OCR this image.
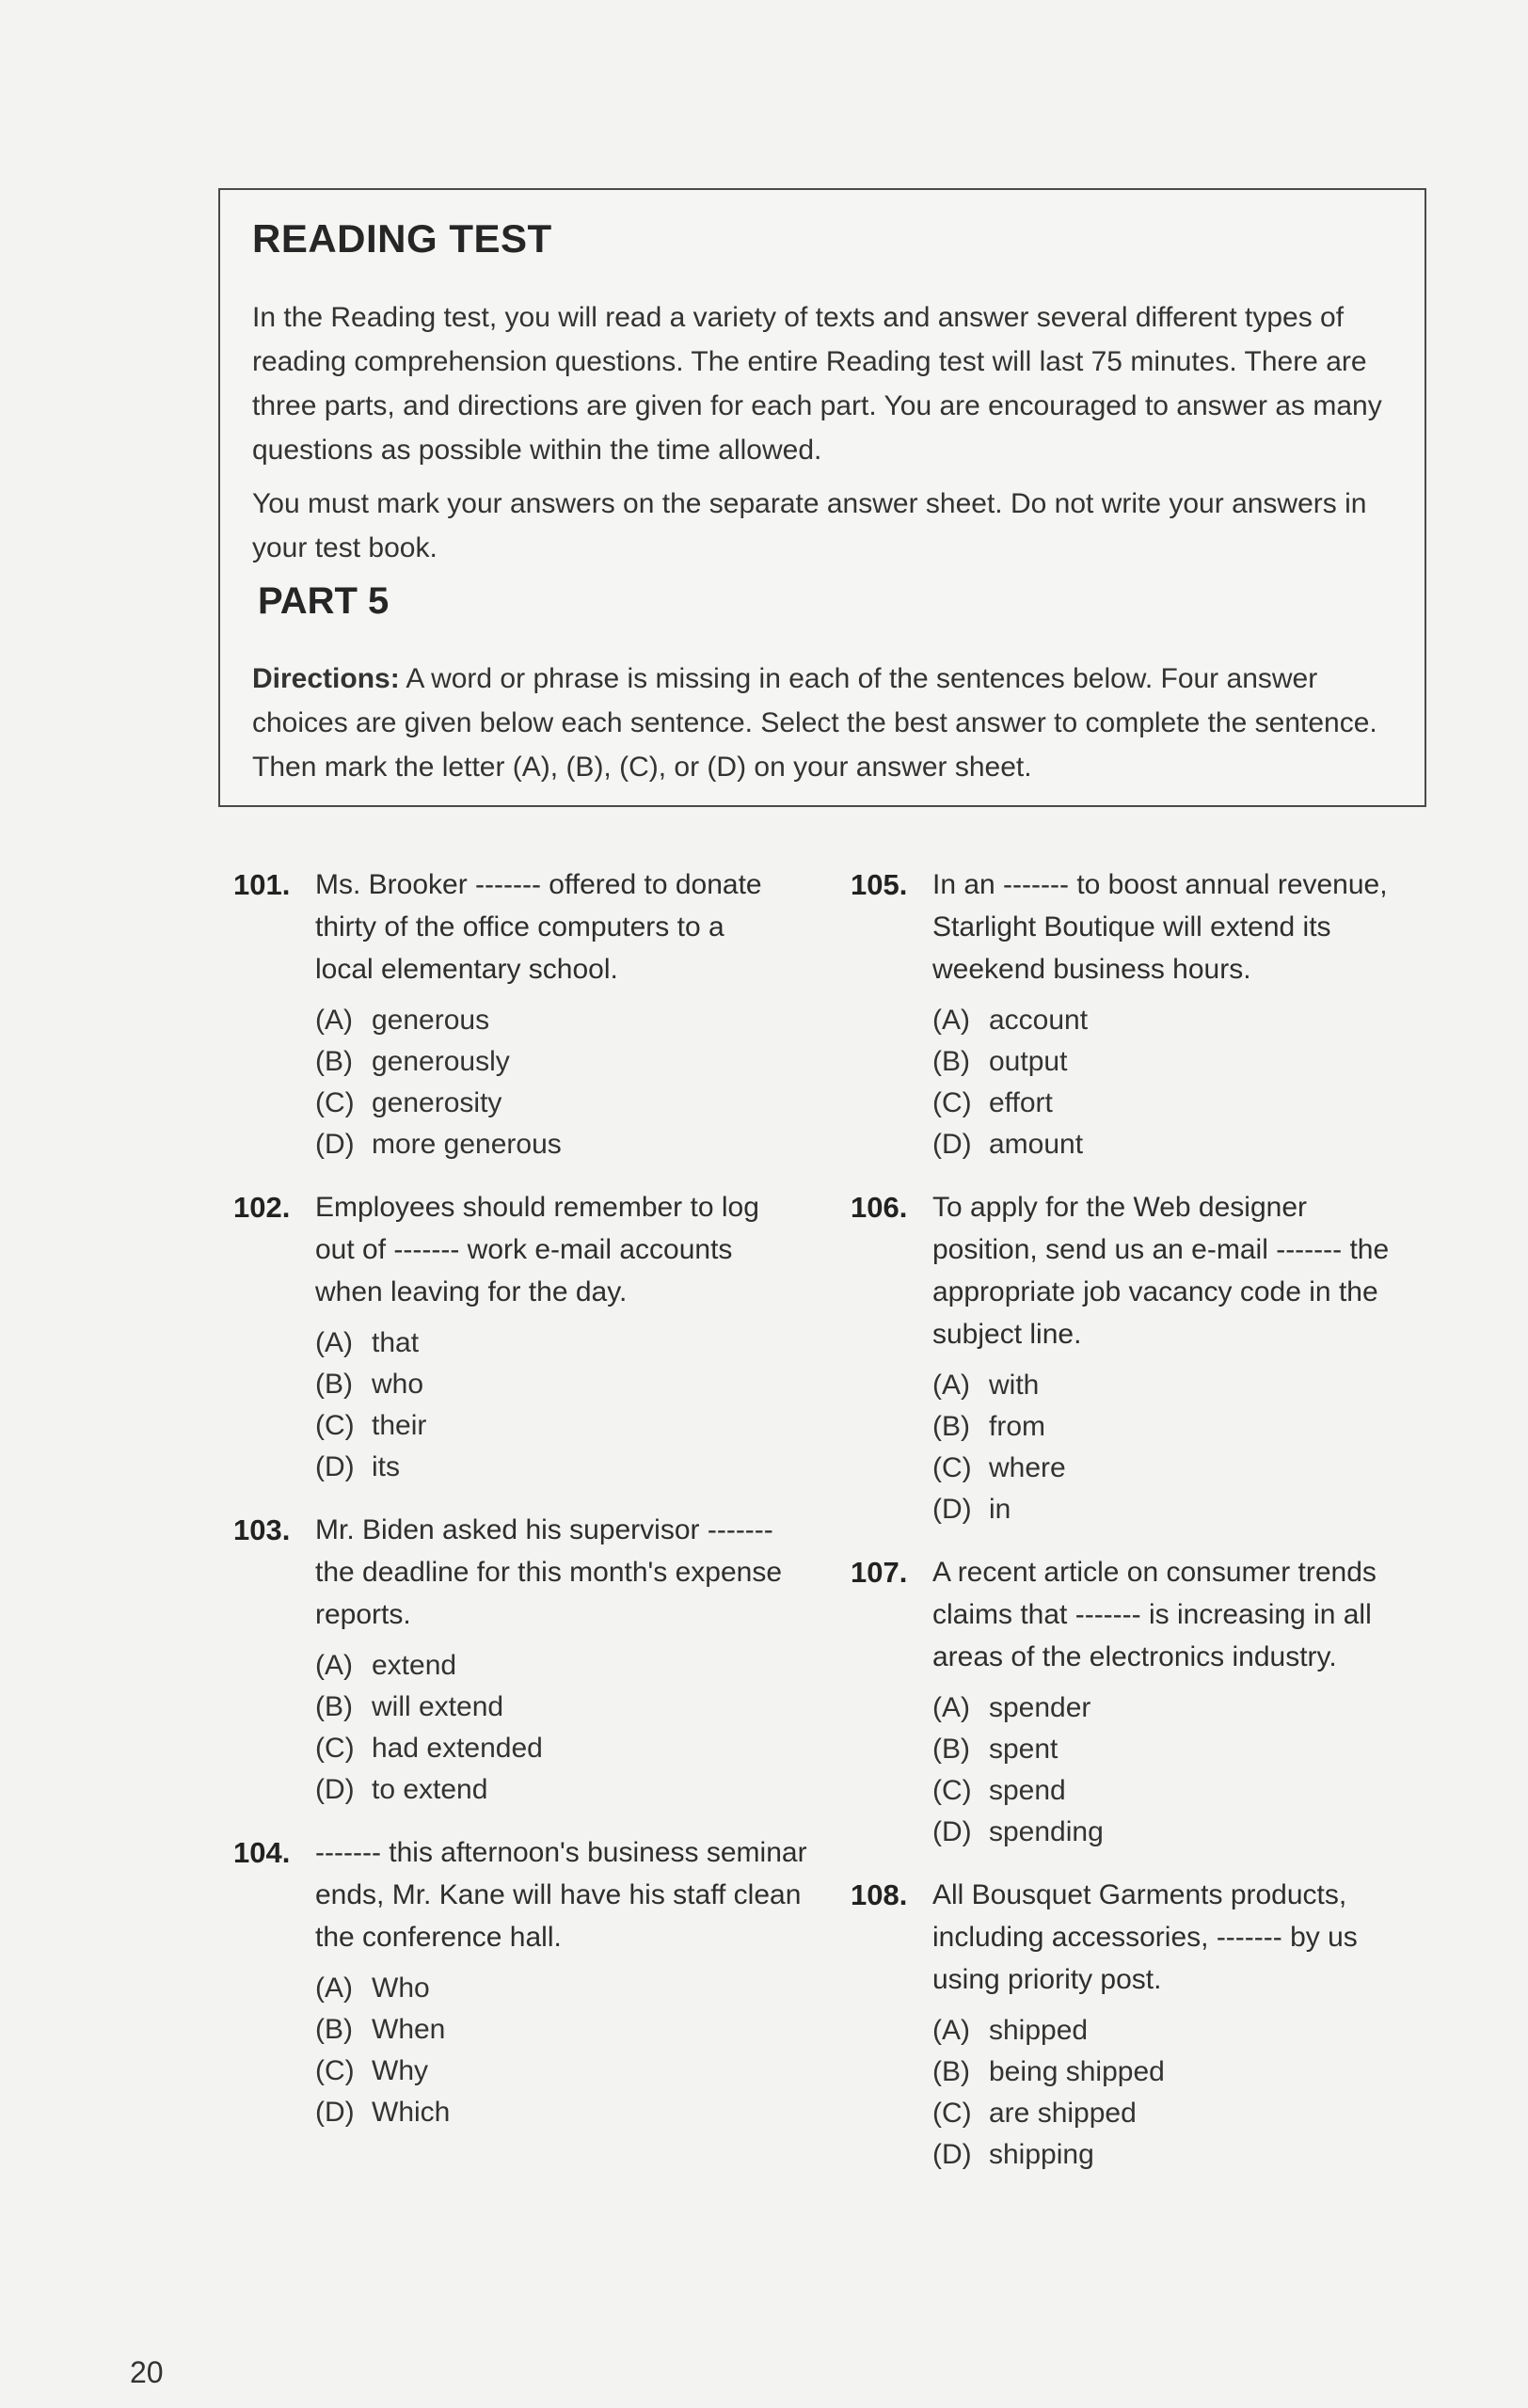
READING TEST

In the Reading test, you will read a variety of texts and answer several different types of reading comprehension questions. The entire Reading test will last 75 minutes. There are three parts, and directions are given for each part. You are encouraged to answer as many questions as possible within the time allowed.

You must mark your answers on the separate answer sheet. Do not write your answers in your test book.

PART 5

Directions: A word or phrase is missing in each of the sentences below. Four answer choices are given below each sentence. Select the best answer to complete the sentence. Then mark the letter (A), (B), (C), or (D) on your answer sheet.

101. Ms. Brooker ------- offered to donate thirty of the office computers to a local elementary school.
(A) generous
(B) generously
(C) generosity
(D) more generous
102. Employees should remember to log out of ------- work e-mail accounts when leaving for the day.
(A) that
(B) who
(C) their
(D) its
103. Mr. Biden asked his supervisor ------- the deadline for this month's expense reports.
(A) extend
(B) will extend
(C) had extended
(D) to extend
104. ------- this afternoon's business seminar ends, Mr. Kane will have his staff clean the conference hall.
(A) Who
(B) When
(C) Why
(D) Which
105. In an ------- to boost annual revenue, Starlight Boutique will extend its weekend business hours.
(A) account
(B) output
(C) effort
(D) amount
106. To apply for the Web designer position, send us an e-mail ------- the appropriate job vacancy code in the subject line.
(A) with
(B) from
(C) where
(D) in
107. A recent article on consumer trends claims that ------- is increasing in all areas of the electronics industry.
(A) spender
(B) spent
(C) spend
(D) spending
108. All Bousquet Garments products, including accessories, ------- by us using priority post.
(A) shipped
(B) being shipped
(C) are shipped
(D) shipping
20
